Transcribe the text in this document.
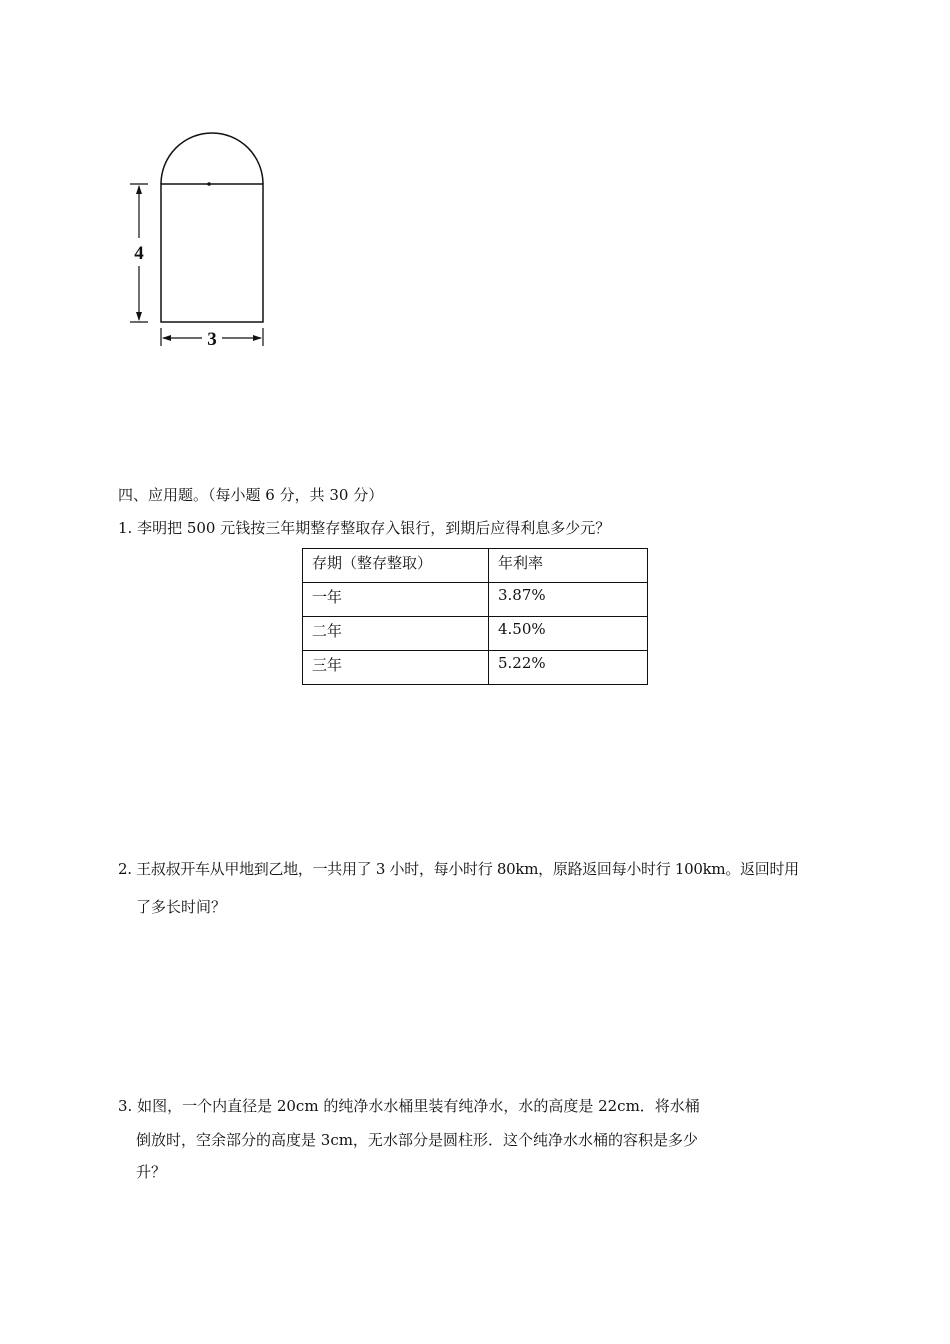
4
3
四、应用题。（每小题 6 分，共 30 分）
1. 李明把 500 元钱按三年期整存整取存入银行，到期后应得利息多少元？
存期（整存整取）	年利率
一年	3.87%
二年	4.50%
三年	5.22%
2. 王叔叔开车从甲地到乙地，一共用了 3 小时，每小时行 80km，原路返回每小时行 100km。返回时用
了多长时间？
3. 如图，一个内直径是 20cm 的纯净水水桶里装有纯净水，水的高度是 22cm．将水桶
倒放时，空余部分的高度是 3cm，无水部分是圆柱形．这个纯净水水桶的容积是多少
升？
